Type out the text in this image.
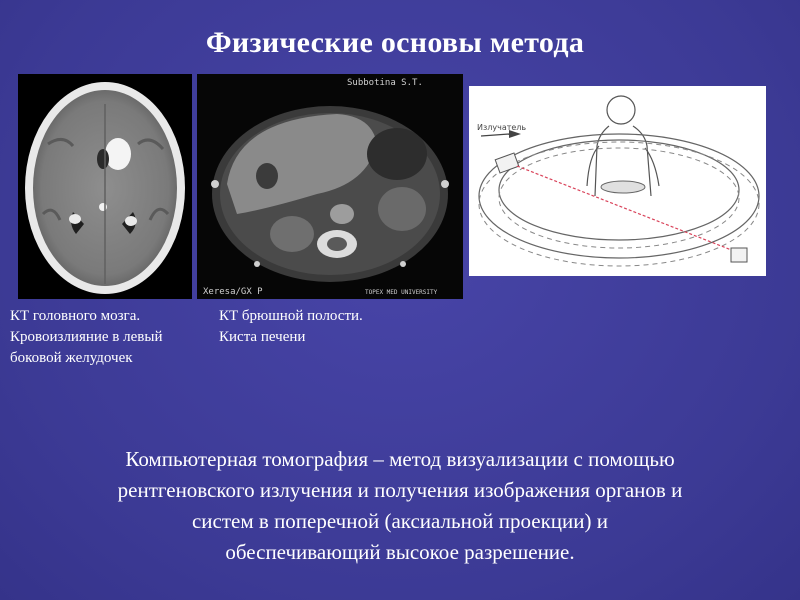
Физические основы метода
Subbotina S.T.
Xeresa/GX P	TOPEX MED UNIVERSITY
Излучатель
КТ головного мозга.
Кровоизлияние в левый
боковой желудочек
КТ брюшной полости.
Киста печени
Компьютерная томография – метод визуализации с помощью
рентгеновского излучения и получения изображения органов и
систем в поперечной (аксиальной проекции) и
обеспечивающий высокое разрешение.
